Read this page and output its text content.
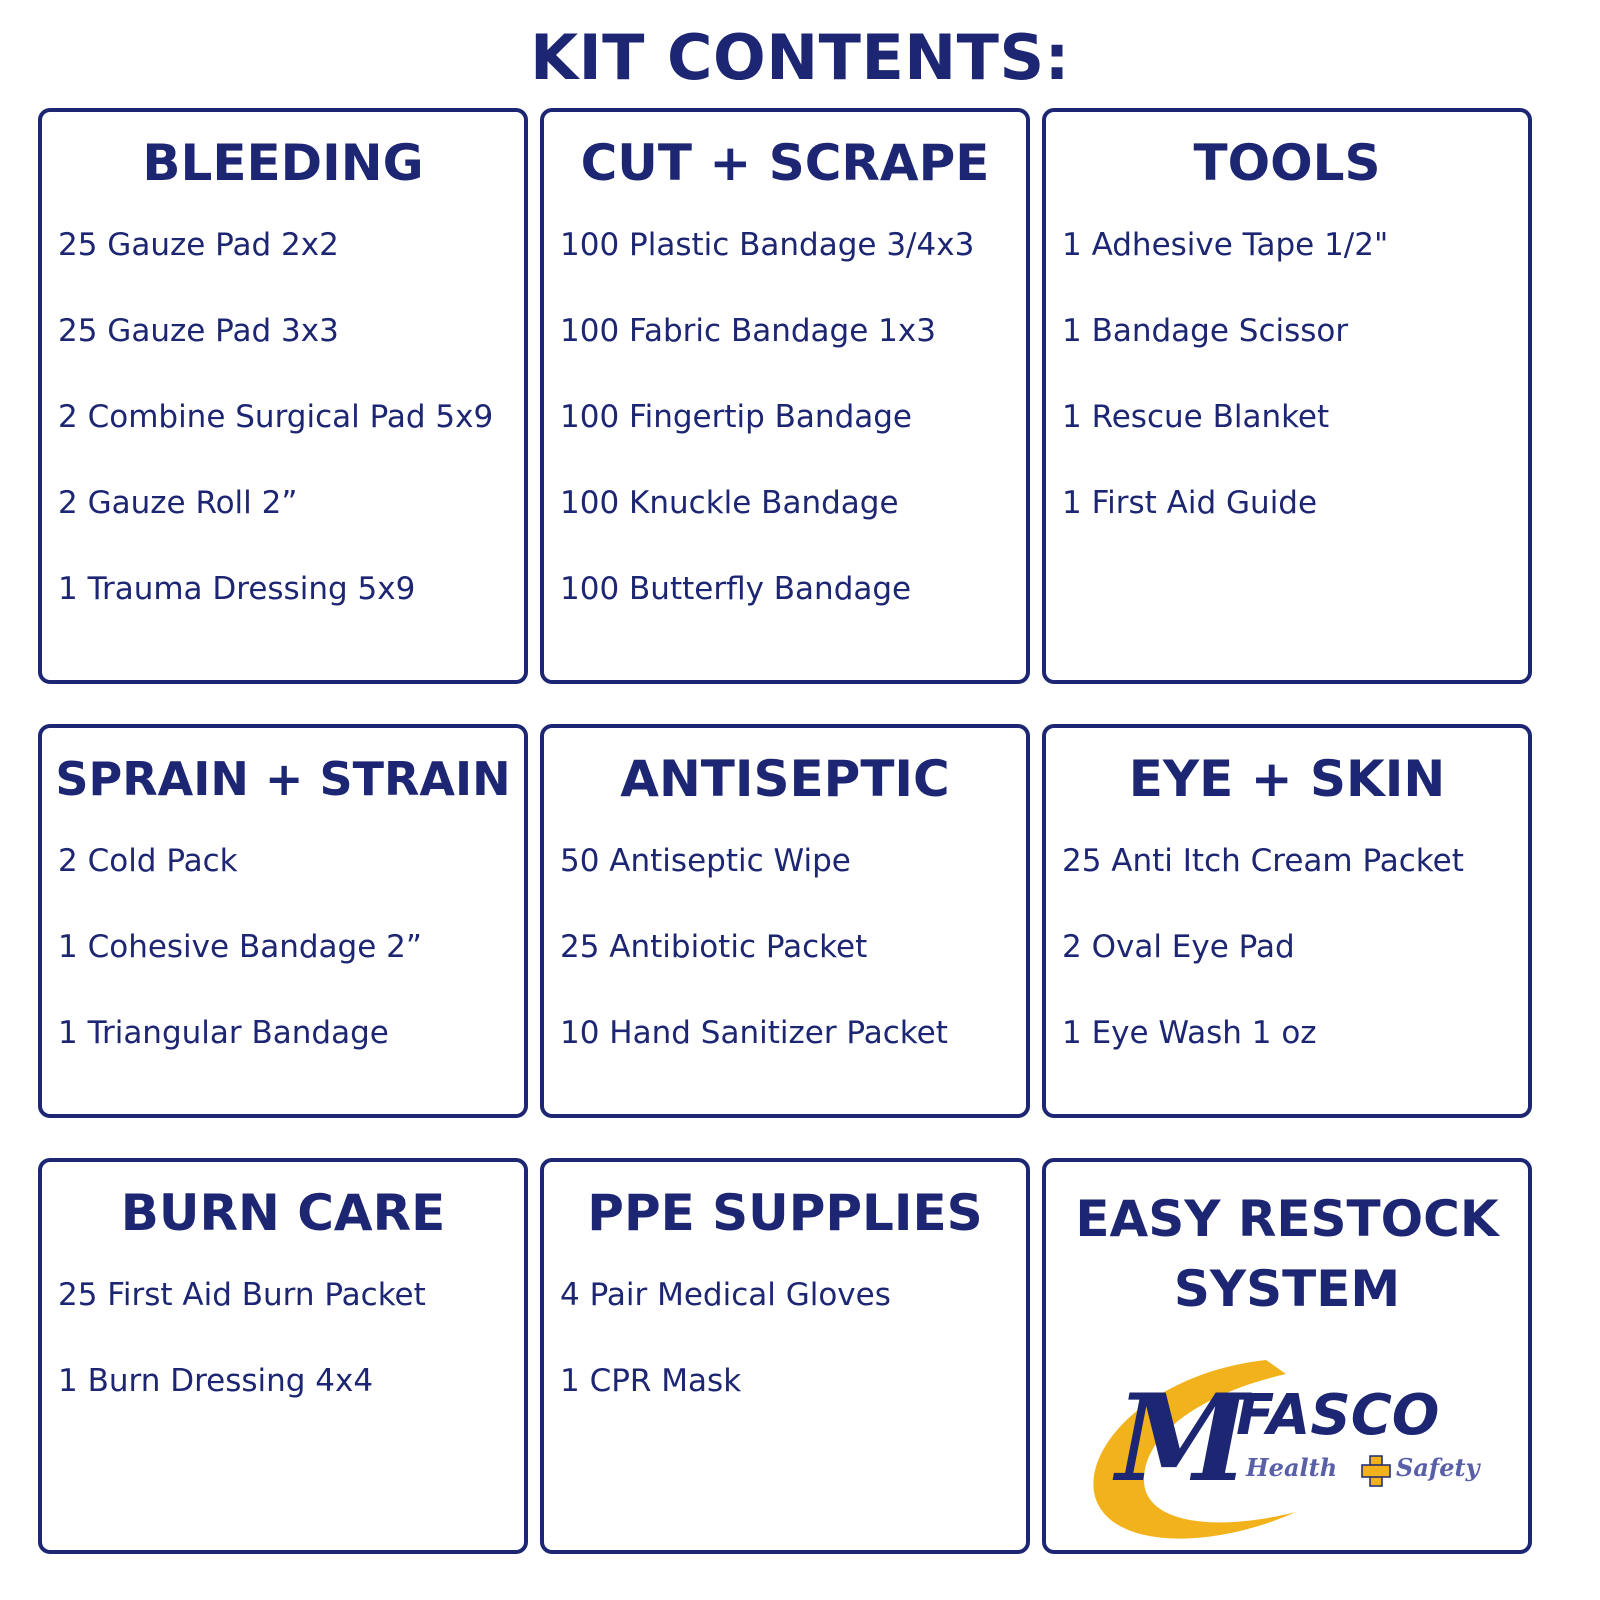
KIT CONTENTS:
BLEEDING
25 Gauze Pad 2x2
25 Gauze Pad 3x3
2 Combine Surgical Pad 5x9
2 Gauze Roll 2”
1 Trauma Dressing 5x9
CUT + SCRAPE
100 Plastic Bandage 3/4x3
100 Fabric Bandage 1x3
100 Fingertip Bandage
100 Knuckle Bandage
100 Butterfly Bandage
TOOLS
1 Adhesive Tape 1/2"
1 Bandage Scissor
1 Rescue Blanket
1 First Aid Guide
SPRAIN + STRAIN
2 Cold Pack
1 Cohesive Bandage 2”
1 Triangular Bandage
ANTISEPTIC
50 Antiseptic Wipe
25 Antibiotic Packet
10 Hand Sanitizer Packet
EYE + SKIN
25 Anti Itch Cream Packet
2 Oval Eye Pad
1 Eye Wash 1 oz
BURN CARE
25 First Aid Burn Packet
1 Burn Dressing 4x4
PPE SUPPLIES
4 Pair Medical Gloves
1 CPR Mask
EASY RESTOCK
SYSTEM
M
FASCO
Health Safety
